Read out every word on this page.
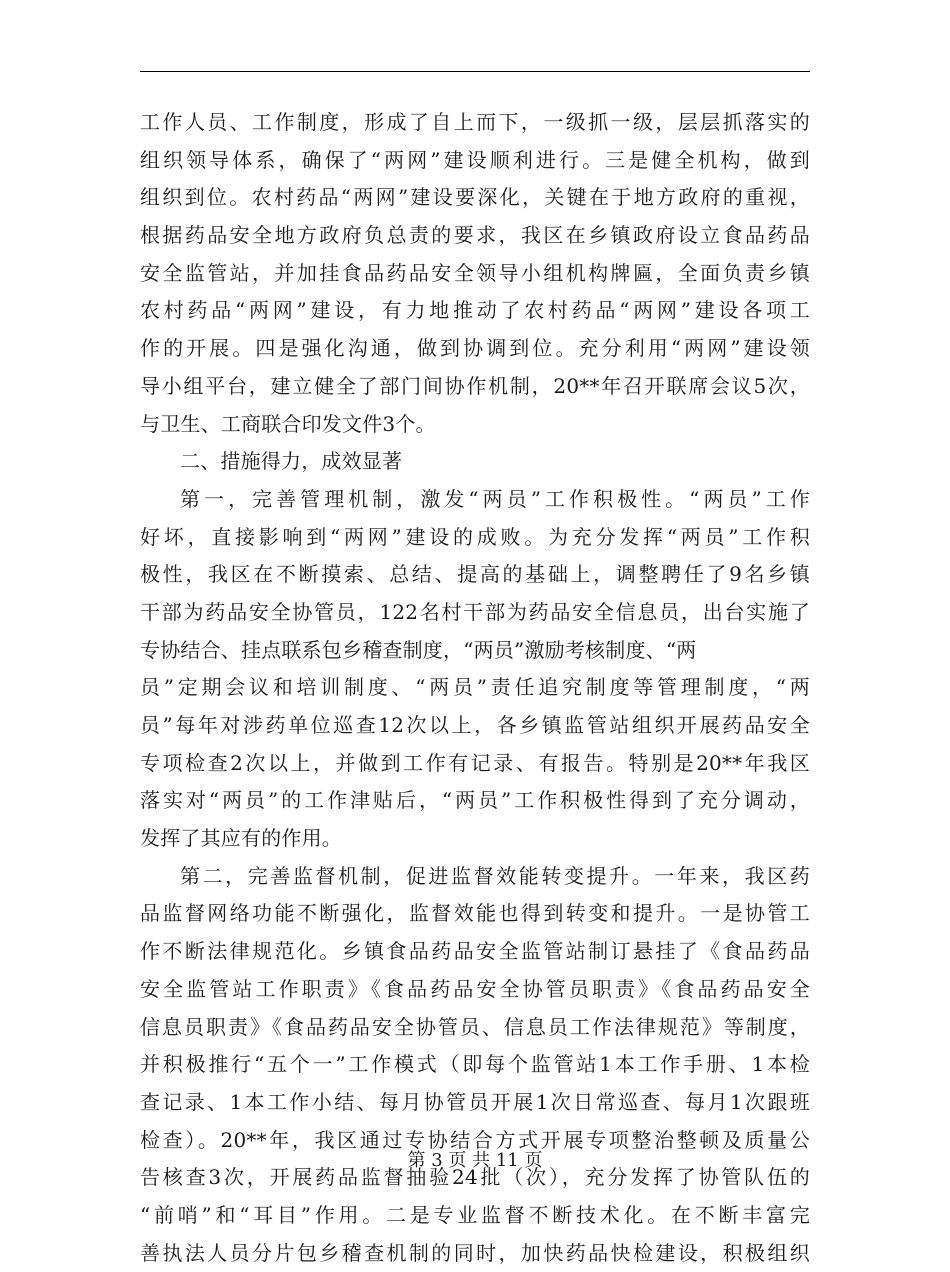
工作人员、工作制度，形成了自上而下，一级抓一级，层层抓落实的
组织领导体系，确保了“两网”建设顺利进行。三是健全机构，做到
组织到位。农村药品“两网”建设要深化，关键在于地方政府的重视，
根据药品安全地方政府负总责的要求，我区在乡镇政府设立食品药品
安全监管站，并加挂食品药品安全领导小组机构牌匾，全面负责乡镇
农村药品“两网”建设，有力地推动了农村药品“两网”建设各项工
作的开展。四是强化沟通，做到协调到位。充分利用“两网”建设领
导小组平台，建立健全了部门间协作机制，20**年召开联席会议5次，
与卫生、工商联合印发文件3个。
二、措施得力，成效显著
第一，完善管理机制，激发“两员”工作积极性。“两员”工作
好坏，直接影响到“两网”建设的成败。为充分发挥“两员”工作积
极性，我区在不断摸索、总结、提高的基础上，调整聘任了9名乡镇
干部为药品安全协管员，122名村干部为药品安全信息员，出台实施了
专协结合、挂点联系包乡稽查制度，“两员”激励考核制度、“两
员”定期会议和培训制度、“两员”责任追究制度等管理制度，“两
员”每年对涉药单位巡查12次以上，各乡镇监管站组织开展药品安全
专项检查2次以上，并做到工作有记录、有报告。特别是20**年我区
落实对“两员”的工作津贴后，“两员”工作积极性得到了充分调动，
发挥了其应有的作用。
第二，完善监督机制，促进监督效能转变提升。一年来，我区药
品监督网络功能不断强化，监督效能也得到转变和提升。一是协管工
作不断法律规范化。乡镇食品药品安全监管站制订悬挂了《食品药品
安全监管站工作职责》《食品药品安全协管员职责》《食品药品安全
信息员职责》《食品药品安全协管员、信息员工作法律规范》等制度，
并积极推行“五个一”工作模式（即每个监管站1本工作手册、1本检
查记录、1本工作小结、每月协管员开展1次日常巡查、每月1次跟班
检查）。20**年，我区通过专协结合方式开展专项整治整顿及质量公
告核查3次，开展药品监督抽验24批（次），充分发挥了协管队伍的
“前哨”和“耳目”作用。二是专业监督不断技术化。在不断丰富完
善执法人员分片包乡稽查机制的同时，加快药品快检建设，积极组织
第 3 页 共 11 页
